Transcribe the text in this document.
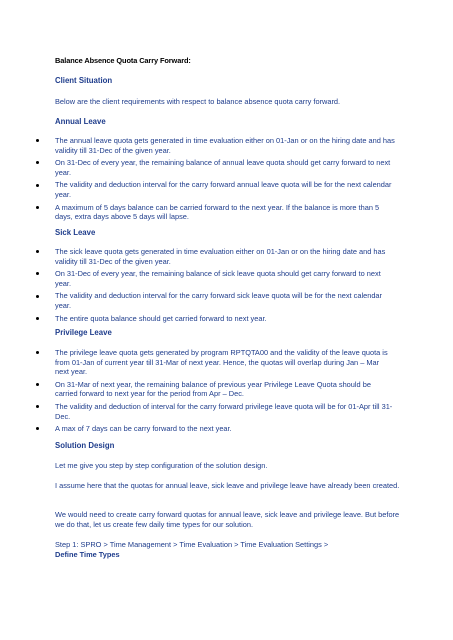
Balance Absence Quota Carry Forward:

Client Situation

Below are the client requirements with respect to balance absence quota carry forward.

Annual Leave

The annual leave quota gets generated in time evaluation either on 01-Jan or on the hiring date and has validity till 31-Dec of the given year.
On 31-Dec of every year, the remaining balance of annual leave quota should get carry forward to next year.
The validity and deduction interval for the carry forward annual leave quota will be for the next calendar year.
A maximum of 5 days balance can be carried forward to the next year. If the balance is more than 5 days, extra days above 5 days will lapse.

Sick Leave

The sick leave quota gets generated in time evaluation either on 01-Jan or on the hiring date and has validity till 31-Dec of the given year.
On 31-Dec of every year, the remaining balance of sick leave quota should get carry forward to next year.
The validity and deduction interval for the carry forward sick leave quota will be for the next calendar year.
The entire quota balance should get carried forward to next year.

Privilege Leave

The privilege leave quota gets generated by program RPTQTA00 and the validity of the leave quota is from 01-Jan of current year till 31-Mar of next year. Hence, the quotas will overlap during Jan – Mar next year.
On 31-Mar of next year, the remaining balance of previous year Privilege Leave Quota should be carried forward to next year for the period from Apr – Dec.
The validity and deduction of interval for the carry forward privilege leave quota will be for 01-Apr till 31-Dec.
A max of 7 days can be carry forward to the next year.

Solution Design

Let me give you step by step configuration of the solution design.

I assume here that the quotas for annual leave, sick leave and privilege leave have already been created.

We would need to create carry forward quotas for annual leave, sick leave and privilege leave. But before we do that, let us create few daily time types for our solution.

Step 1: SPRO > Time Management > Time Evaluation > Time Evaluation Settings >
Define Time Types
